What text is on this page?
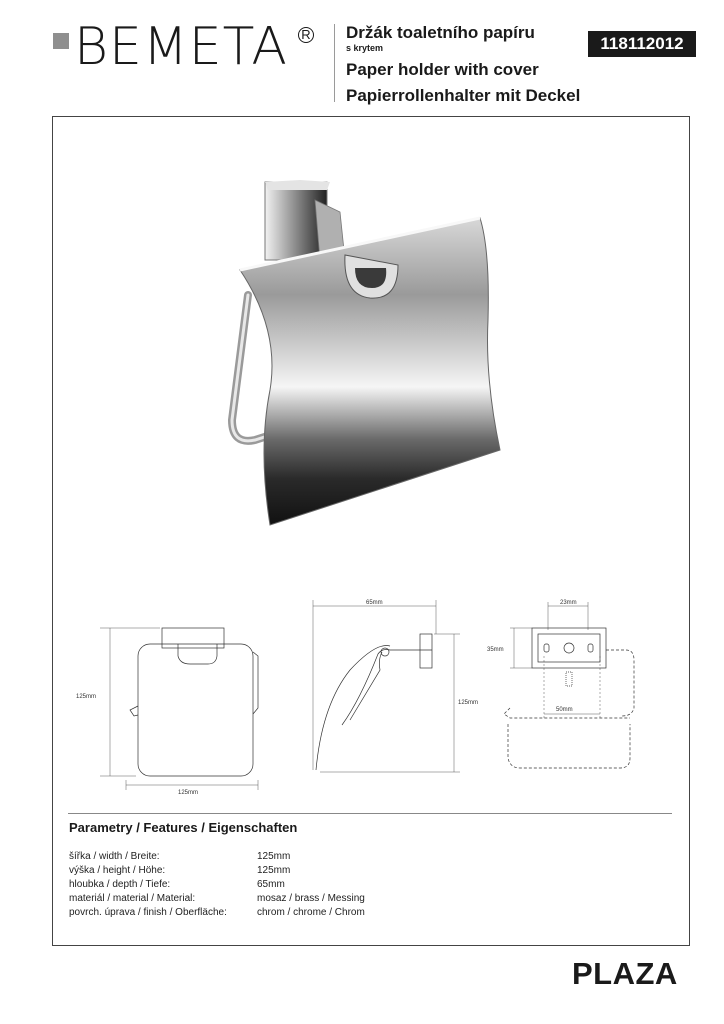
BEMETA R Držák toaletního papíru
s krytem
Paper holder with cover
Papierrollenhalter mit Deckel
118112012
125mm
125mm
65mm
125mm
23mm
35mm
50mm
Parametry / Features / Eigenschaften
šířka / width / Breite:	125mm
výška / height / Höhe:	125mm
hloubka / depth / Tiefe:	65mm
materiál / material / Material:	mosaz / brass / Messing
povrch. úprava / finish / Oberfläche:	chrom / chrome / Chrom
PLAZA
